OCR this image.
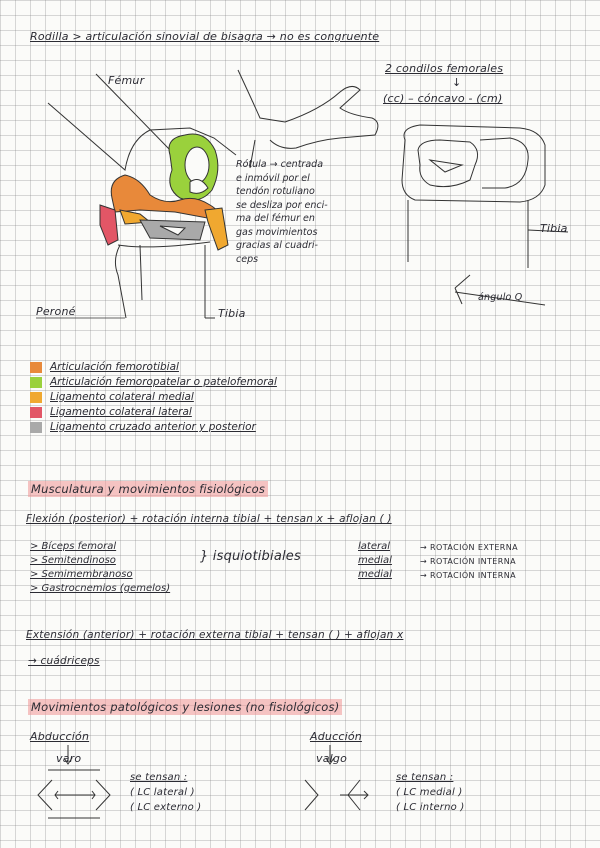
Rodilla > articulación sinovial de bisagra → no es congruente
2 condilos femorales
↓
(cc) – cóncavo - (cm)
Fémur
Peroné	Tibia
Tibia
ángulo Q
Rótula → centrada
e inmóvil por el
tendón rotuliano
se desliza por enci-
ma del fémur en
gas movimientos
gracias al cuadri-
ceps
Articulación femorotibial
Articulación femoropatelar o patelofemoral
Ligamento colateral medial
Ligamento colateral lateral
Ligamento cruzado anterior y posterior
Musculatura y movimientos fisiológicos
Flexión (posterior) + rotación interna tibial + tensan x + aflojan ( )
> Bíceps femoral
> Semitendinoso
> Semimembranoso
> Gastrocnemios (gemelos)
} isquiotibiales
lateral
medial
medial
→ ROTACIÓN EXTERNA
→ ROTACIÓN INTERNA
→ ROTACIÓN INTERNA
Extensión (anterior) + rotación externa tibial + tensan ( ) + aflojan x
→ cuádriceps
Movimientos patológicos y lesiones (no fisiológicos)
Abducción
varo
se tensan :
( LC lateral )
( LC externo )
Aducción
valgo
se tensan :
( LC medial )
( LC interno )
